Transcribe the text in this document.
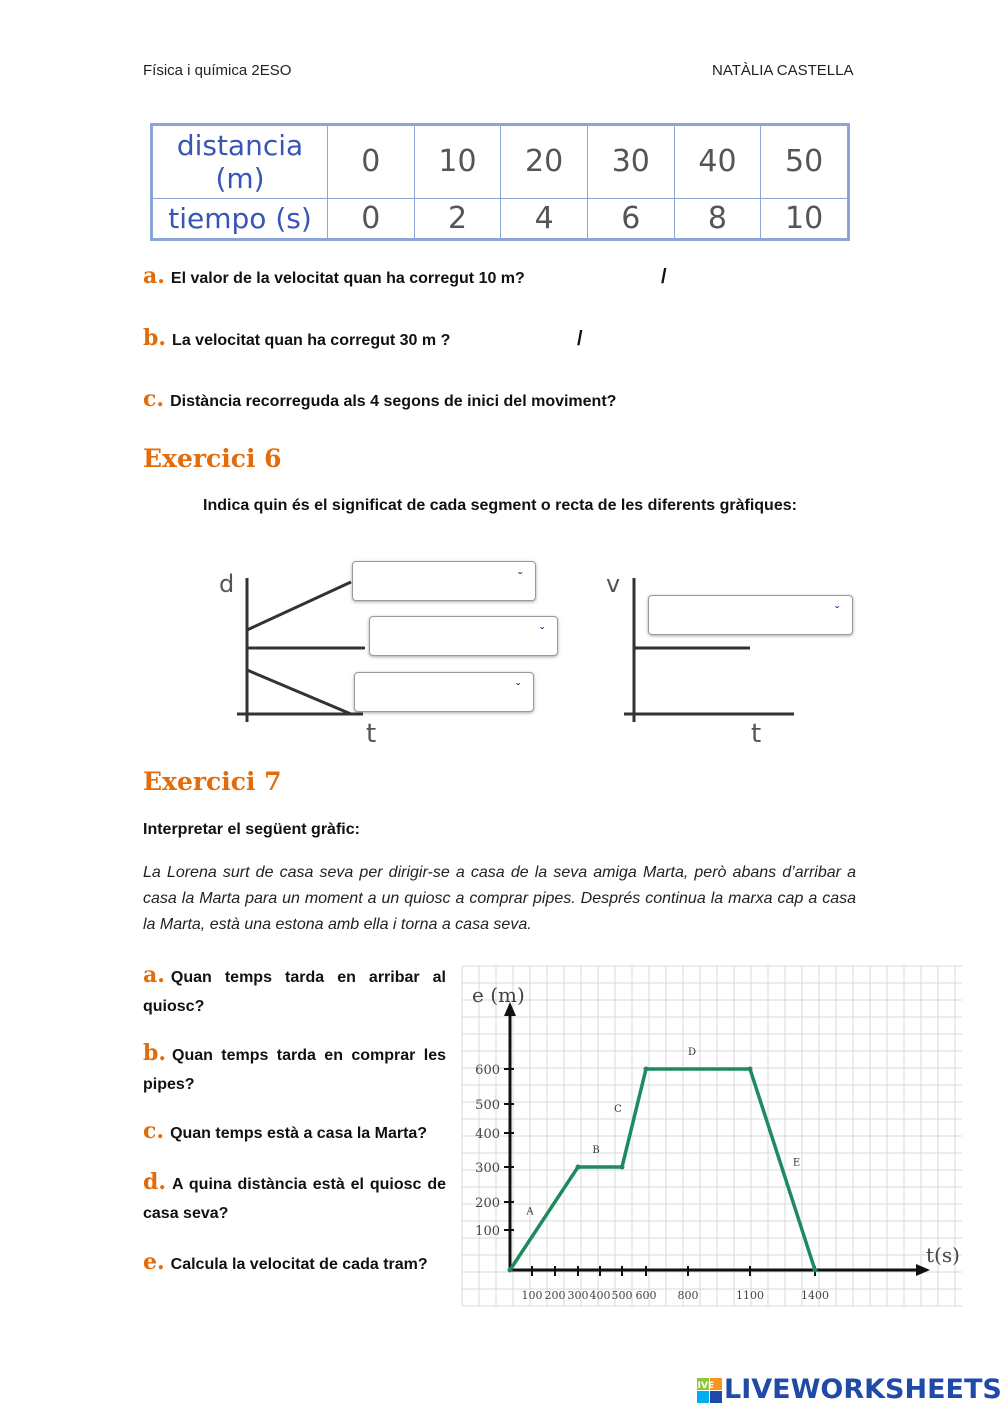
Física i química 2ESO	NATÀLIA CASTELLA
distancia (m)	0	10	20	30	40	50
tiempo (s)	0	2	4	6	8	10
a. El valor de la velocitat quan ha corregut 10 m?	/
b. La velocitat quan ha corregut 30 m ?	/
c. Distància recorreguda als 4 segons de inici del moviment?
Exercici 6
Indica quin és el significat de cada segment o recta de les diferents gràfiques:
d
t
ˇ
ˇ
ˇ
v
t
ˇ
Exercici 7
Interpretar el següent gràfic:
La Lorena surt de casa seva per dirigir-se a casa de la seva amiga Marta, però abans d’arribar a casa la Marta para un moment a un quiosc a comprar pipes. Després continua la marxa cap a casa la Marta, està una estona amb ella i torna a casa seva.
a. Quan temps tarda en arribar al quiosc?
b. Quan temps tarda en comprar les pipes?
c. Quan temps està a casa la Marta?
d. A quina distància està el quiosc de casa seva?
e. Calcula la velocitat de cada tram?
e (m)
t(s)
100
200
300
400
500
600
100 200 300 400 500 600 800	1100	1400
A
B
C
D
E
LIVE LIVEWORKSHEETS
